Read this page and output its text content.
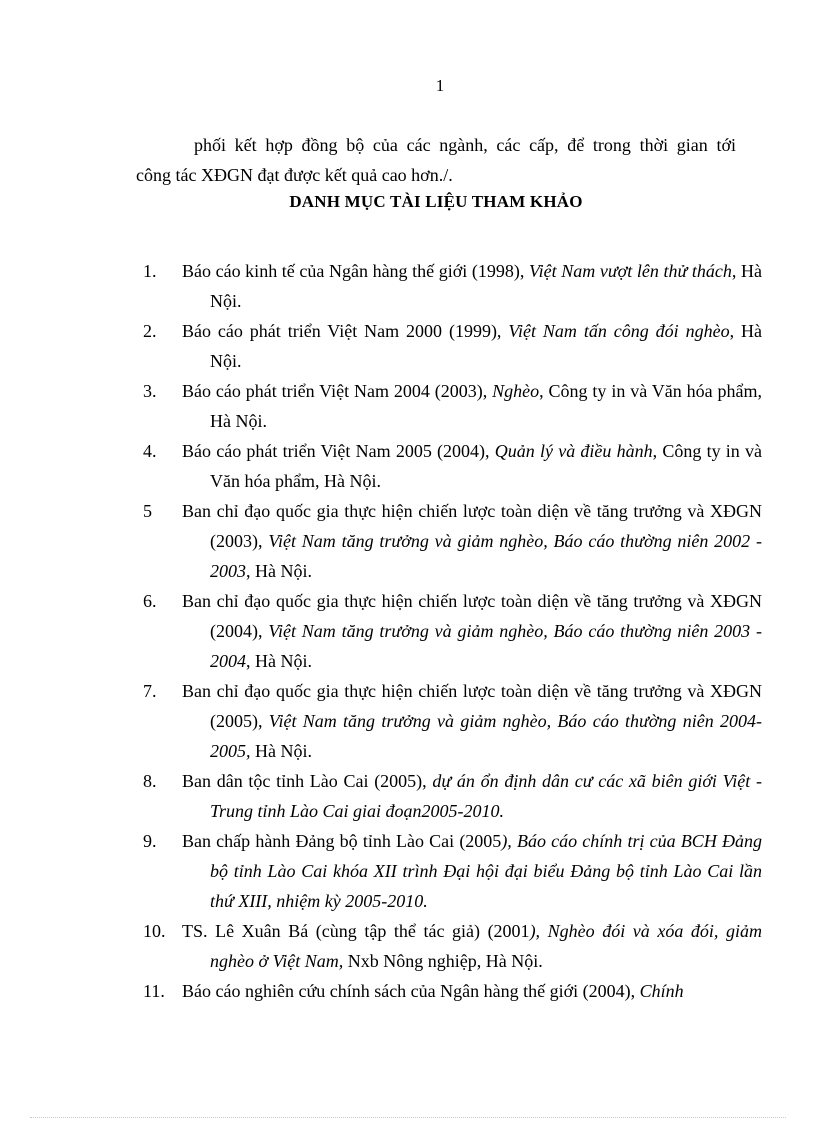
1
phối kết hợp đồng bộ của các ngành, các cấp, để trong thời gian tới
công tác XĐGN đạt được kết quả cao hơn./.
DANH MỤC TÀI LIỆU THAM KHẢO
1.	Báo cáo kinh tế của Ngân hàng thế giới (1998), Việt Nam vượt lên thử thách, Hà Nội.
2.	Báo cáo phát triển Việt Nam 2000 (1999), Việt Nam tấn công đói nghèo, Hà Nội.
3.	Báo cáo phát triển Việt Nam 2004 (2003), Nghèo, Công ty in và Văn hóa phẩm, Hà Nội.
4.	Báo cáo phát triển Việt Nam 2005 (2004), Quản lý và điều hành, Công ty in và Văn hóa phẩm, Hà Nội.
5	Ban chỉ đạo quốc gia thực hiện chiến lược toàn diện về tăng trưởng và XĐGN (2003), Việt Nam tăng trưởng và giảm nghèo, Báo cáo thường niên 2002 - 2003, Hà Nội.
6.	Ban chỉ đạo quốc gia thực hiện chiến lược toàn diện về tăng trưởng và XĐGN (2004), Việt Nam tăng trưởng và giảm nghèo, Báo cáo thường niên 2003 - 2004, Hà Nội.
7.	Ban chỉ đạo quốc gia thực hiện chiến lược toàn diện về tăng trưởng và XĐGN (2005), Việt Nam tăng trưởng và giảm nghèo, Báo cáo thường niên 2004-2005, Hà Nội.
8.	Ban dân tộc tỉnh Lào Cai (2005), dự án ổn định dân cư các xã biên giới Việt - Trung tỉnh Lào Cai giai đoạn2005-2010.
9.	Ban chấp hành Đảng bộ tỉnh Lào Cai (2005), Báo cáo chính trị của BCH Đảng bộ tỉnh Lào Cai khóa XII trình Đại hội đại biểu Đảng bộ tỉnh Lào Cai lần thứ XIII, nhiệm kỳ 2005-2010.
10. TS. Lê Xuân Bá (cùng tập thể tác giả) (2001), Nghèo đói và xóa đói, giảm nghèo ở Việt Nam, Nxb Nông nghiệp, Hà Nội.
11. Báo cáo nghiên cứu chính sách của Ngân hàng thế giới (2004), Chính
